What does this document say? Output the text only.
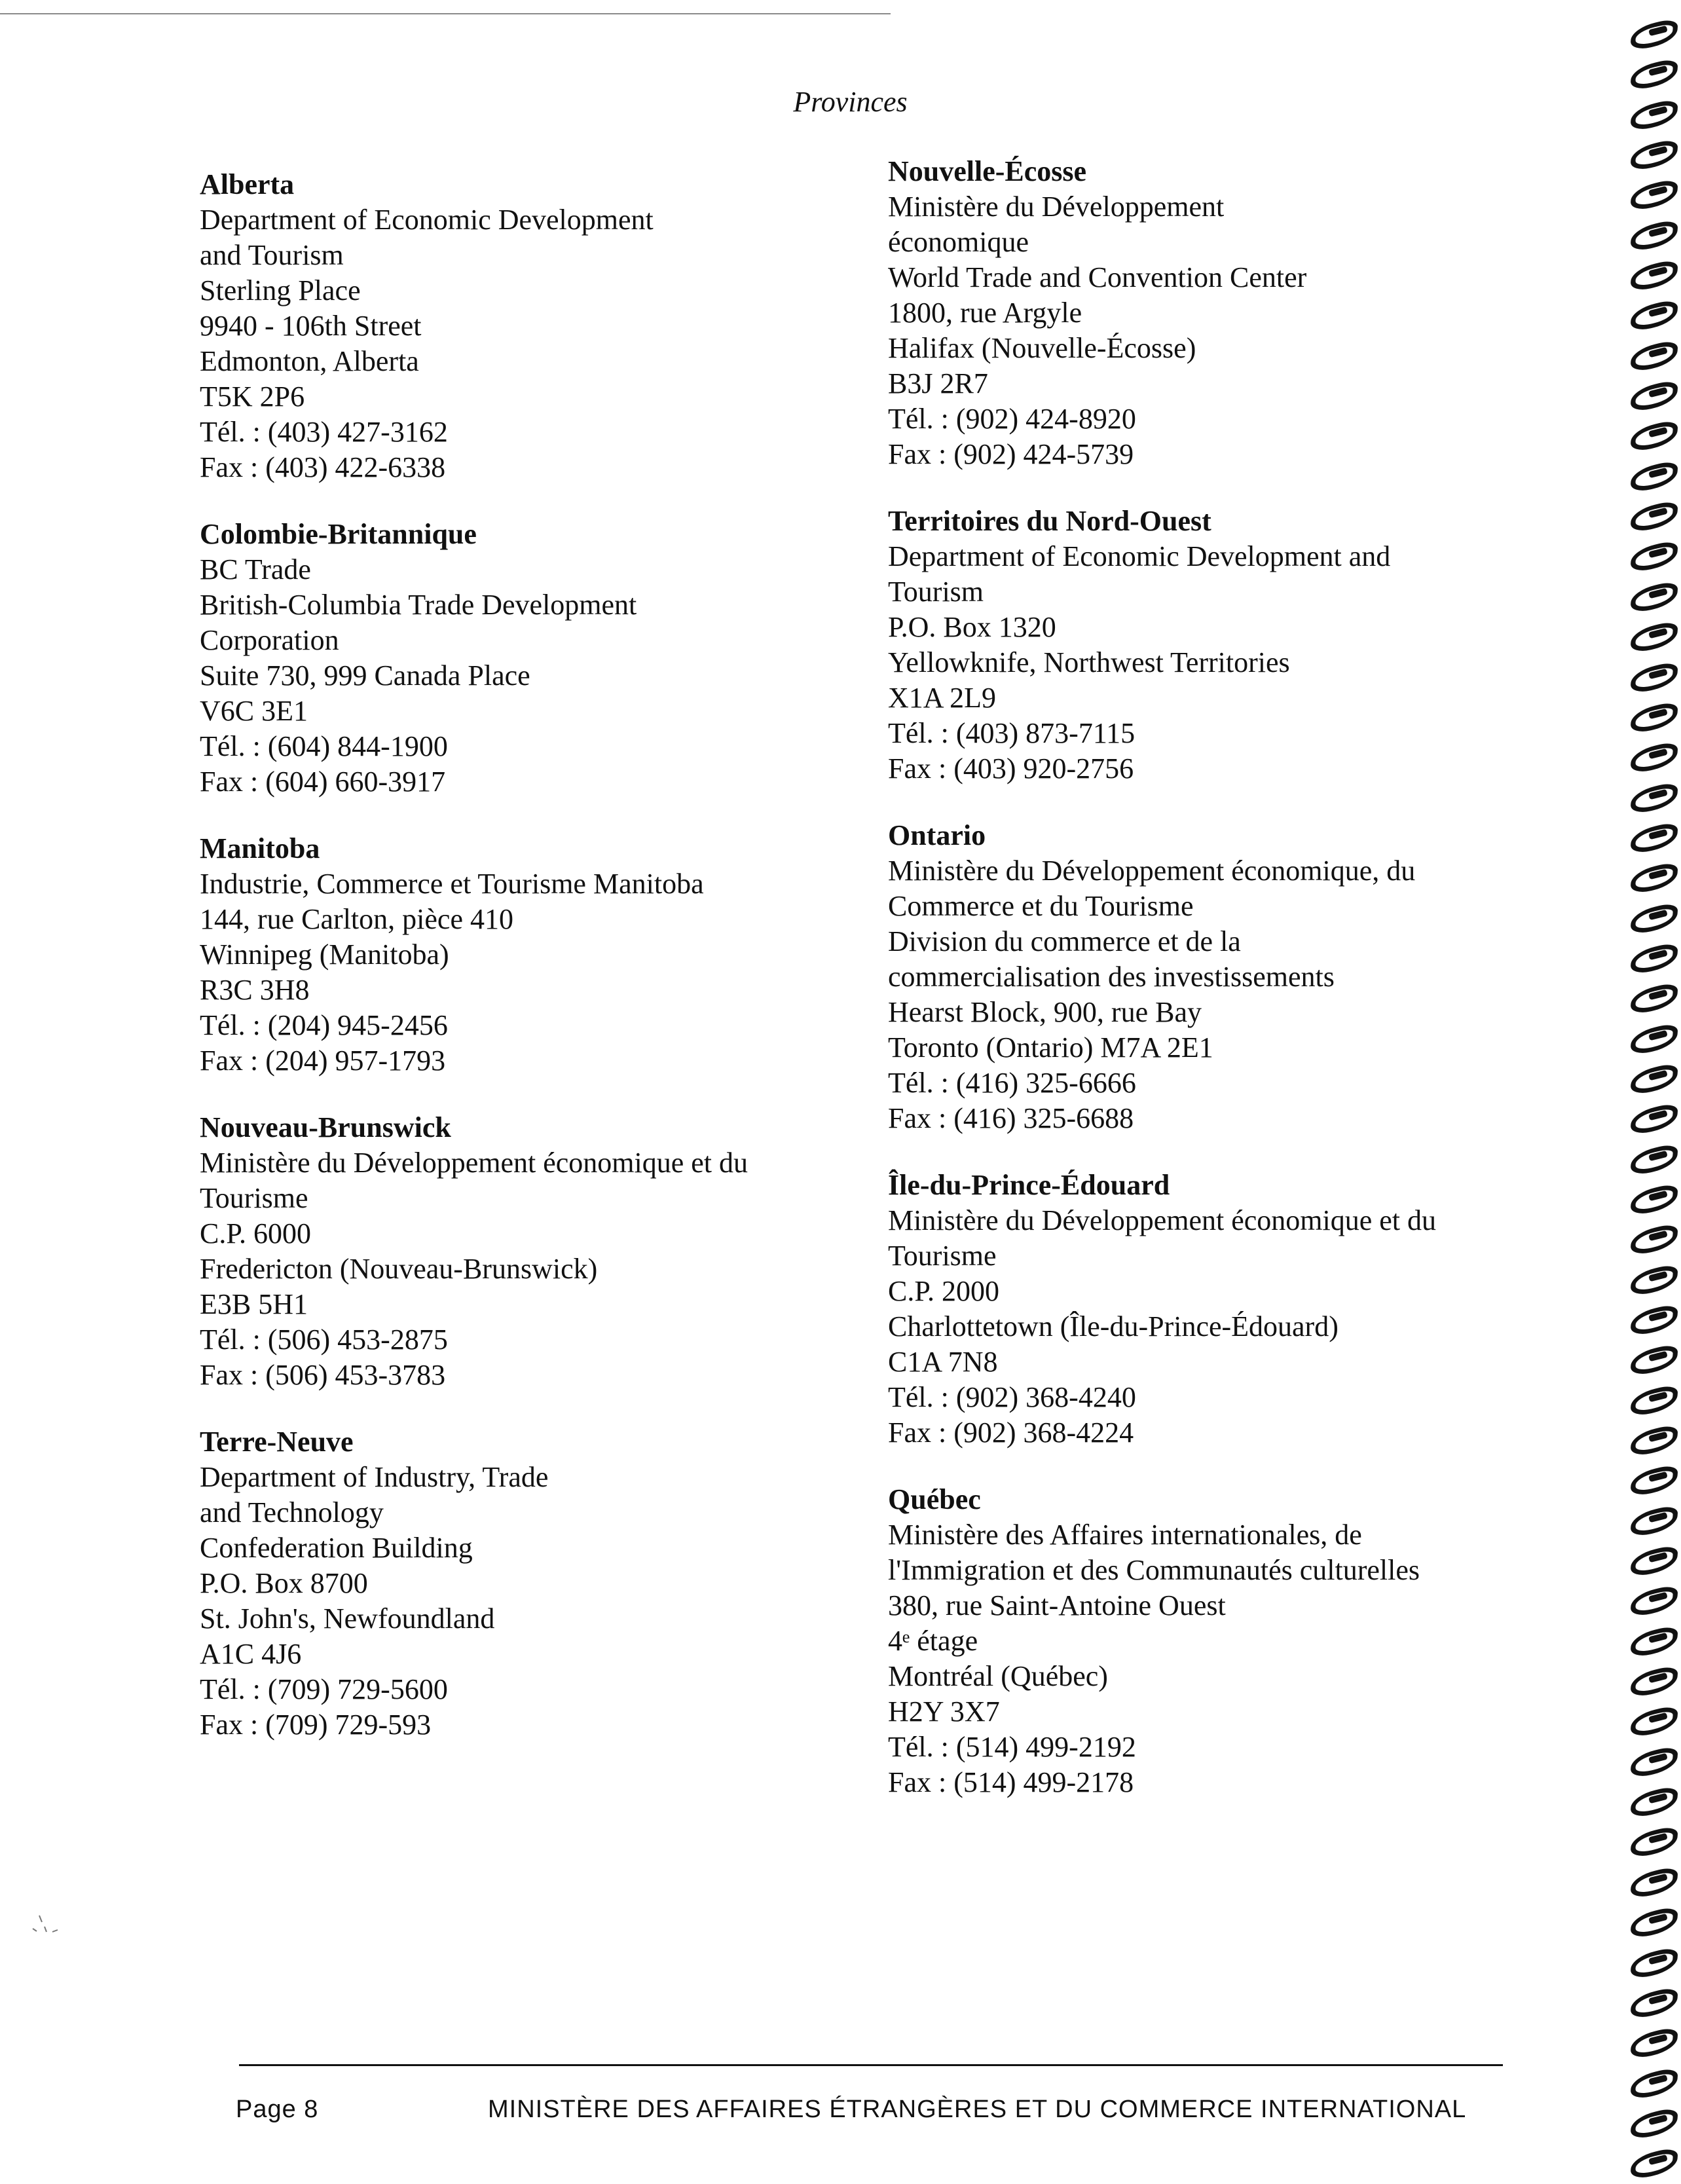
Provinces
Alberta
Department of Economic Development
and Tourism
Sterling Place
9940 - 106th Street
Edmonton, Alberta
T5K 2P6
Tél. : (403) 427-3162
Fax : (403) 422-6338
Colombie-Britannique
BC Trade
British-Columbia Trade Development
Corporation
Suite 730, 999 Canada Place
V6C 3E1
Tél. : (604) 844-1900
Fax : (604) 660-3917
Manitoba
Industrie, Commerce et Tourisme Manitoba
144, rue Carlton, pièce 410
Winnipeg (Manitoba)
R3C 3H8
Tél. : (204) 945-2456
Fax : (204) 957-1793
Nouveau-Brunswick
Ministère du Développement économique et du
Tourisme
C.P. 6000
Fredericton (Nouveau-Brunswick)
E3B 5H1
Tél. : (506) 453-2875
Fax : (506) 453-3783
Terre-Neuve
Department of Industry, Trade
and Technology
Confederation Building
P.O. Box 8700
St. John's, Newfoundland
A1C 4J6
Tél. : (709) 729-5600
Fax : (709) 729-593
Nouvelle-Écosse
Ministère du Développement
économique
World Trade and Convention Center
1800, rue Argyle
Halifax (Nouvelle-Écosse)
B3J 2R7
Tél. : (902) 424-8920
Fax : (902) 424-5739
Territoires du Nord-Ouest
Department of Economic Development and
Tourism
P.O. Box 1320
Yellowknife, Northwest Territories
X1A 2L9
Tél. : (403) 873-7115
Fax : (403) 920-2756
Ontario
Ministère du Développement économique, du
Commerce et du Tourisme
Division du commerce et de la
commercialisation des investissements
Hearst Block, 900, rue Bay
Toronto (Ontario) M7A 2E1
Tél. : (416) 325-6666
Fax : (416) 325-6688
Île-du-Prince-Édouard
Ministère du Développement économique et du
Tourisme
C.P. 2000
Charlottetown (Île-du-Prince-Édouard)
C1A 7N8
Tél. : (902) 368-4240
Fax : (902) 368-4224
Québec
Ministère des Affaires internationales, de
l'Immigration et des Communautés culturelles
380, rue Saint-Antoine Ouest
4ᵉ étage
Montréal (Québec)
H2Y 3X7
Tél. : (514) 499-2192
Fax : (514) 499-2178
Page 8	MINISTÈRE DES AFFAIRES ÉTRANGÈRES ET DU COMMERCE INTERNATIONAL
